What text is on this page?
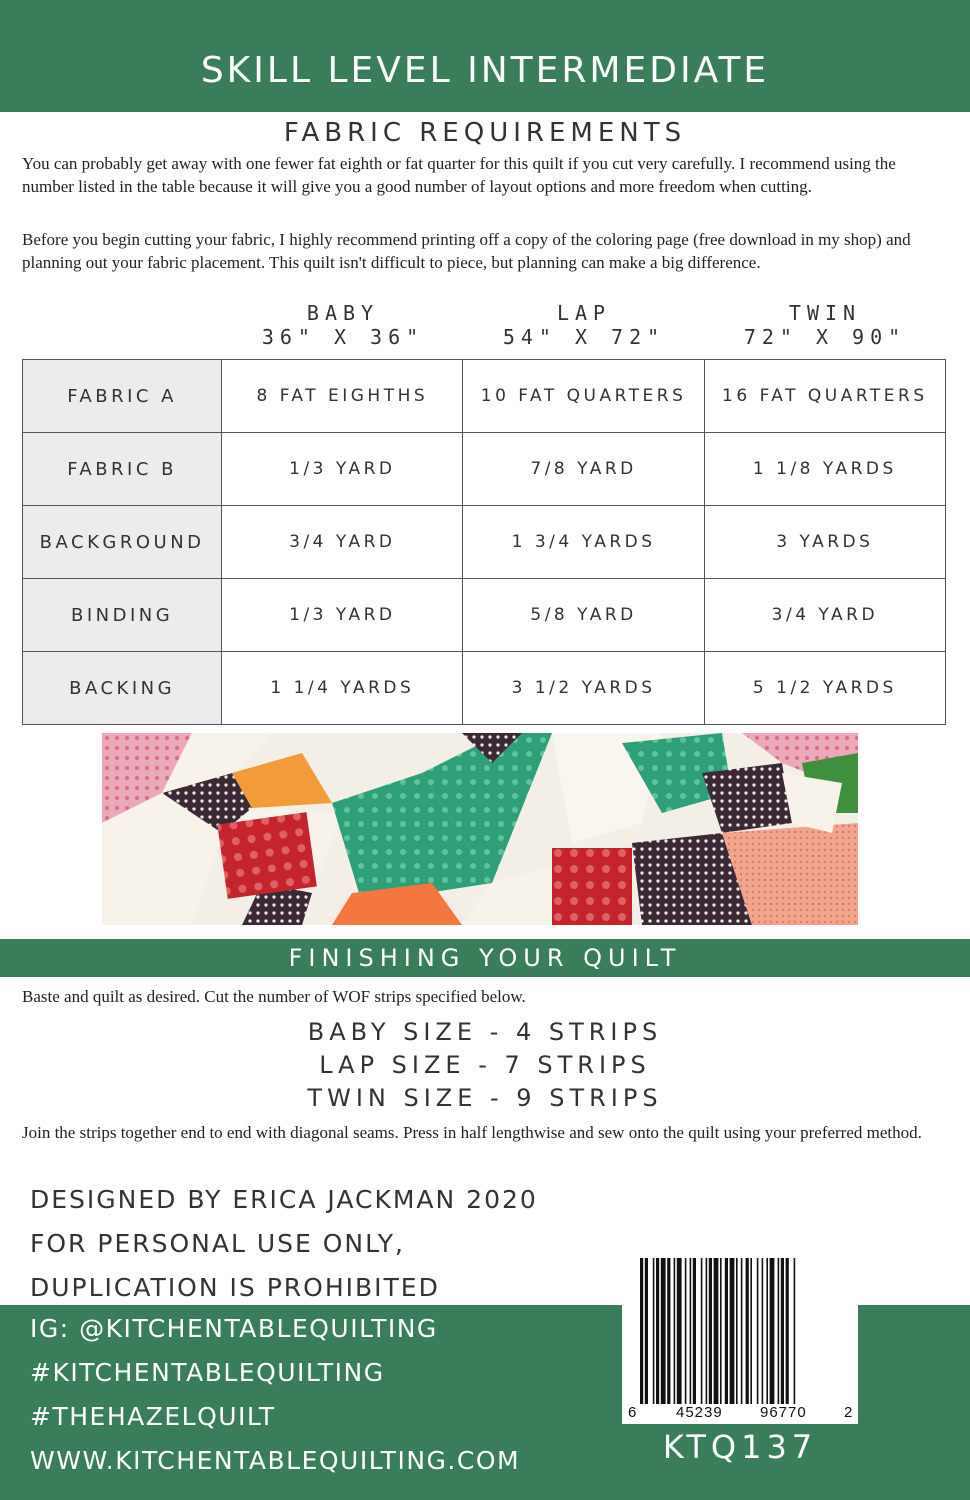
SKILL LEVEL INTERMEDIATE
FABRIC REQUIREMENTS

You can probably get away with one fewer fat eighth or fat quarter for this quilt if you cut very carefully. I recommend using the number listed in the table because it will give you a good number of layout options and more freedom when cutting.

Before you begin cutting your fabric, I highly recommend printing off a copy of the coloring page (free download in my shop) and planning out your fabric placement. This quilt isn't difficult to piece, but planning can make a big difference.

BABY
36" X 36"
LAP
54" X 72"
TWIN
72" X 90"
FABRIC A	8 FAT EIGHTHS	10 FAT QUARTERS	16 FAT QUARTERS
FABRIC B	1/3 YARD	7/8 YARD	1 1/8 YARDS
BACKGROUND	3/4 YARD	1 3/4 YARDS	3 YARDS
BINDING	1/3 YARD	5/8 YARD	3/4 YARD
BACKING	1 1/4 YARDS	3 1/2 YARDS	5 1/2 YARDS
FINISHING YOUR QUILT

Baste and quilt as desired. Cut the number of WOF strips specified below.

BABY SIZE - 4 STRIPS
LAP SIZE - 7 STRIPS
TWIN SIZE - 9 STRIPS

Join the strips together end to end with diagonal seams. Press in half lengthwise and sew onto the quilt using your preferred method.

DESIGNED BY ERICA JACKMAN 2020
FOR PERSONAL USE ONLY,
DUPLICATION IS PROHIBITED
IG: @KITCHENTABLEQUILTING
#KITCHENTABLEQUILTING
#THEHAZELQUILT
WWW.KITCHENTABLEQUILTING.COM
6	45239 96770 2
KTQ137
